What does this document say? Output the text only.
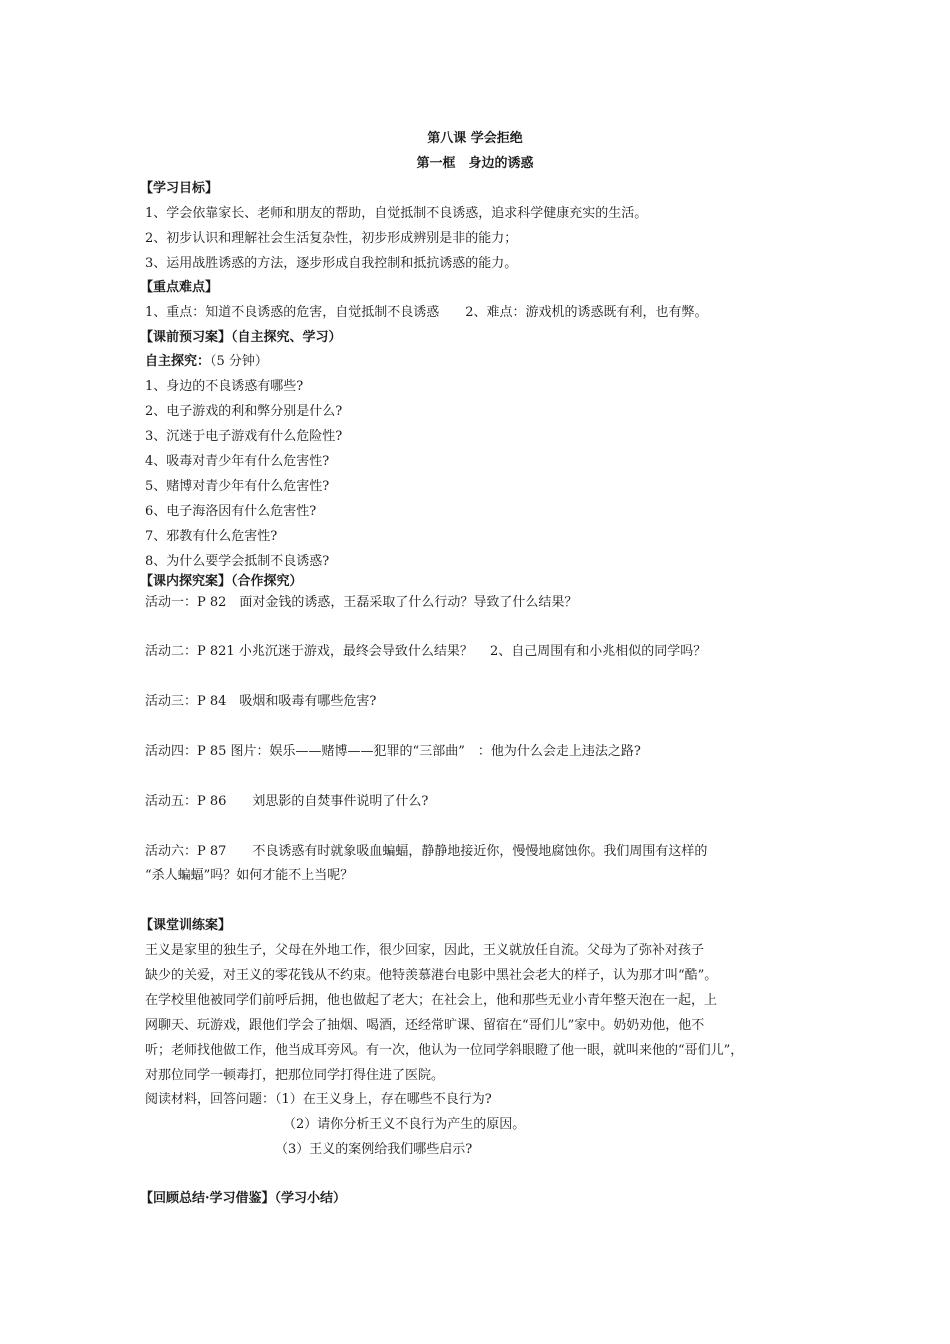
第八课 学会拒绝
第一框　身边的诱惑
【学习目标】
1、学会依靠家长、老师和朋友的帮助，自觉抵制不良诱惑，追求科学健康充实的生活。
2、初步认识和理解社会生活复杂性，初步形成辨别是非的能力；
3、运用战胜诱惑的方法，逐步形成自我控制和抵抗诱惑的能力。
【重点难点】
1、重点：知道不良诱惑的危害，自觉抵制不良诱惑　　2、难点：游戏机的诱惑既有利，也有弊。
【课前预习案】（自主探究、学习）
自主探究：（5 分钟）
1、身边的不良诱惑有哪些?
2、电子游戏的利和弊分别是什么?
3、沉迷于电子游戏有什么危险性?
4、吸毒对青少年有什么危害性?
5、赌博对青少年有什么危害性?
6、电子海洛因有什么危害性?
7、邪教有什么危害性?
8、为什么要学会抵制不良诱惑?
【课内探究案】（合作探究）
活动一：P 82　面对金钱的诱惑，王磊采取了什么行动？导致了什么结果？
活动二：P 821 小兆沉迷于游戏，最终会导致什么结果？　 2、自己周围有和小兆相似的同学吗？
活动三：P 84　吸烟和吸毒有哪些危害?
活动四：P 85 图片：娱乐——赌博——犯罪的“三部曲”　：他为什么会走上违法之路?
活动五：P 86　　刘思影的自焚事件说明了什么?
活动六：P 87　　不良诱惑有时就象吸血蝙蝠，静静地接近你，慢慢地腐蚀你。我们周围有这样的
“杀人蝙蝠”吗？如何才能不上当呢？
【课堂训练案】
王义是家里的独生子，父母在外地工作，很少回家，因此，王义就放任自流。父母为了弥补对孩子
缺少的关爱，对王义的零花钱从不约束。他特羡慕港台电影中黑社会老大的样子，认为那才叫“酷”。
在学校里他被同学们前呼后拥，他也做起了老大；在社会上，他和那些无业小青年整天泡在一起，上
网聊天、玩游戏，跟他们学会了抽烟、喝酒，还经常旷课、留宿在“哥们儿”家中。奶奶劝他，他不
听；老师找他做工作，他当成耳旁风。有一次，他认为一位同学斜眼瞪了他一眼，就叫来他的“哥们儿”，
对那位同学一顿毒打，把那位同学打得住进了医院。
阅读材料，回答问题：（1）在王义身上，存在哪些不良行为?
（2）请你分析王义不良行为产生的原因。
（3）王义的案例给我们哪些启示?
【回顾总结·学习借鉴】（学习小结）
